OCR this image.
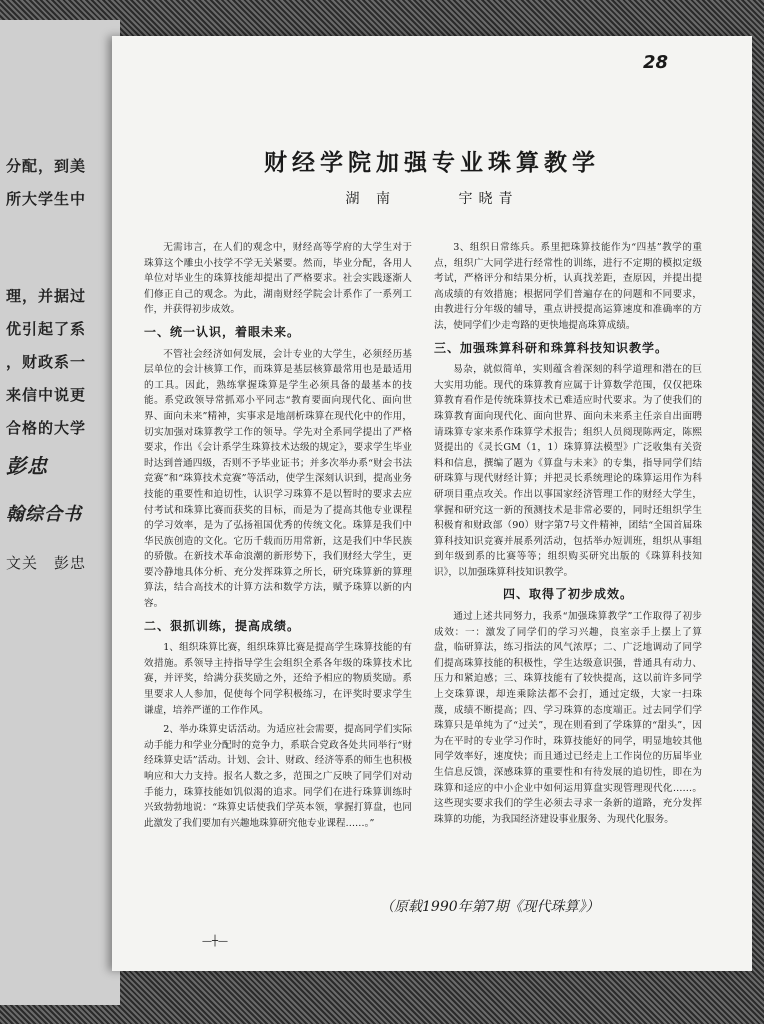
分配，到美
所大学生中
理，并据过
优引起了系
，财政系一
来信中说更
合格的大学
彭忠
翰综合书
文关　彭忠
28
财经学院加强专业珠算教学
湖 南	宇晓青

无需讳言，在人们的观念中，财经高等学府的大学生对于珠算这个雕虫小技学不学无关紧要。然而，毕业分配，各用人单位对毕业生的珠算技能却提出了严格要求。社会实践逐渐人们修正自己的观念。为此，湖南财经学院会计系作了一系列工作，并获得初步成效。

一、统一认识，着眼未来。

不管社会经济如何发展，会计专业的大学生，必须经历基层单位的会计核算工作，而珠算是基层核算最常用也是最适用的工具。因此，熟练掌握珠算是学生必须具备的最基本的技能。系党政领导常抓邓小平同志“教育要面向现代化、面向世界、面向未来”精神，实事求是地剖析珠算在现代化中的作用，切实加强对珠算教学工作的领导。学先对全系同学提出了严格要求，作出《会计系学生珠算技术达级的规定》，要求学生毕业时达到普通四级，否则不予毕业证书；并多次举办系“财会书法竞赛”和“珠算技术竞赛”等活动，使学生深刻认识到，提高业务技能的重要性和迫切性，认识学习珠算不是以暂时的要求去应付考试和珠算比赛而获奖的目标，而是为了提高其他专业课程的学习效率，是为了弘扬祖国优秀的传统文化。珠算是我们中华民族创造的文化。它历千载而历用常新，这是我们中华民族的骄傲。在新技术革命浪潮的新形势下，我们财经大学生，更要冷静地具体分析、充分发挥珠算之所长，研究珠算新的算理算法，结合高技术的计算方法和数学方法，赋予珠算以新的内容。

二、狠抓训练，提高成绩。

1、组织珠算比赛，组织珠算比赛是提高学生珠算技能的有效措施。系领导主持指导学生会组织全系各年级的珠算技术比赛，并评奖，给满分获奖励之外，还给予相应的物质奖励。系里要求人人参加，促使每个同学积极练习，在评奖时要求学生谦虚，培养严谨的工作作风。

2、举办珠算史话活动。为适应社会需要，提高同学们实际动手能力和学业分配时的竞争力，系联合党政各处共同举行“财经珠算史话”活动。计划、会计、财政、经济等系的师生也积极响应和大力支持。报名人数之多，范围之广反映了同学们对动手能力，珠算技能如饥似渴的追求。同学们在进行珠算训练时兴致勃勃地说：“珠算史话使我们学英本领，掌握打算盘，也同此激发了我们要加有兴趣地珠算研究他专业课程……。”

3、组织日常练兵。系里把珠算技能作为“四基”教学的重点，组织广大同学进行经常性的训练，进行不定期的模拟定级考试，严格评分和结果分析，认真找差距，查原因，并提出提高成绩的有效措施；根据同学们普遍存在的问题和不同要求，由教进行分年级的辅导，重点讲授提高运算速度和准确率的方法，使同学们少走弯路的更快地提高珠算成绩。

三、加强珠算科研和珠算科技知识教学。

易杂，就似简单，实则蕴含着深刻的科学道理和潜在的巨大实用功能。现代的珠算教育应属于计算数学范围，仅仅把珠算教育看作是传统珠算技术已难适应时代要求。为了使我们的珠算教育面向现代化、面向世界、面向未来系主任亲自出面聘请珠算专家来系作珠算学术报告；组织人员阅现陈两定，陈熙贤提出的《灵长GM（1，1）珠算算法模型》广泛收集有关资料和信息，撰编了题为《算盘与未来》的专集，指导同学们结研珠算与现代财经计算；并把灵长系统理论的珠算运用作为科研项目重点攻关。作出以事国家经济管理工作的财经大学生，掌握和研究这一新的预测技术是非常必要的，同时还组织学生积极育和财政部（90）财字第7号文件精神，团结“全国首届珠算科技知识竞赛并展系列活动，包括举办短训班，组织从事组到年级到系的比赛等等；组织购买研究出版的《珠算科技知识》，以加强珠算科技知识教学。

四、取得了初步成效。

通过上述共同努力，我系“加强珠算教学”工作取得了初步成效：一：激发了同学们的学习兴趣，良室亲手上摆上了算盘，临研算法，练习指法的风气浓厚；二、广泛地调动了同学们提高珠算技能的积极性，学生达级意识强，普通具有动力、压力和紧迫感；三、珠算技能有了较快提高，这以前许多同学上交珠算课，却连乘除法都不会打，通过定级，大家一扫珠蔑，成绩不断提高；四、学习珠算的态度端正。过去同学们学珠算只是单纯为了“过关”，现在则看到了学珠算的“甜头”，因为在平时的专业学习作时，珠算技能好的同学，明显地较其他同学效率好，速度快；而且通过已经走上工作岗位的历届毕业生信息反馈，深感珠算的重要性和有待发展的追切性，即在为珠算和迳应的中小企业中如何运用算盘实现管理现代化……。这些现实要求我们的学生必须去寻求一条新的道路，充分发挥珠算的功能，为我国经济建设事业服务、为现代化服务。

（原载1990年第7期《现代珠算》）
—┼—
